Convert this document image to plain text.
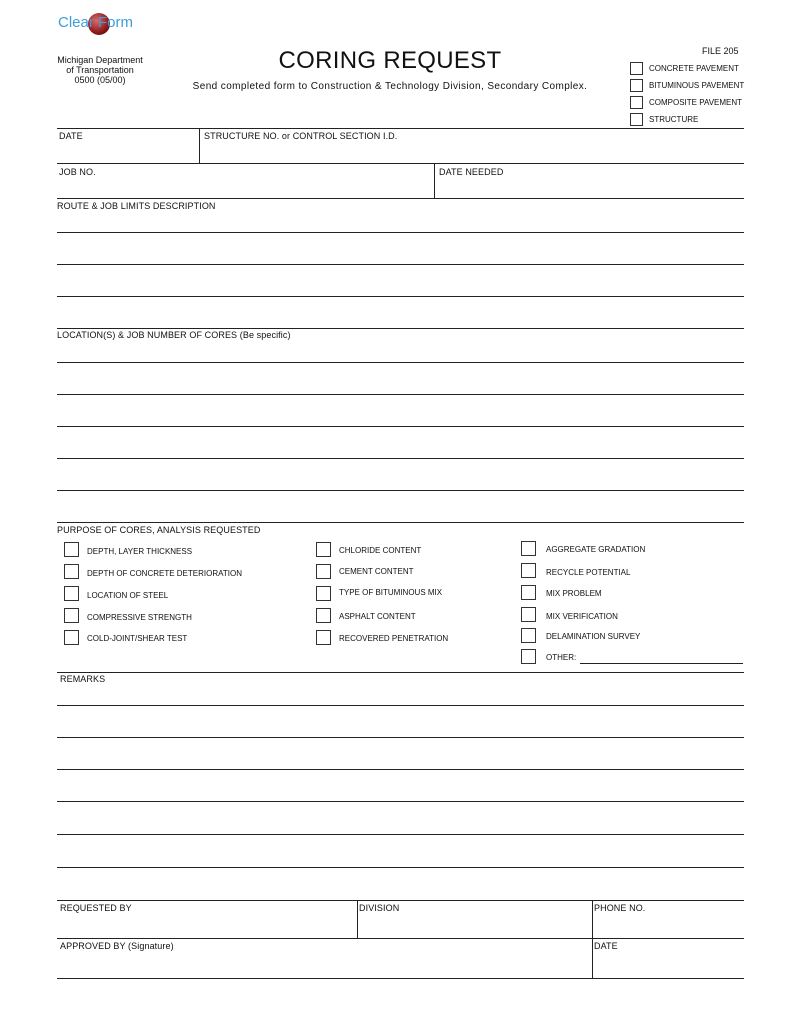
Clear Form
Michigan Department
of Transportation
0500 (05/00)
CORING REQUEST
Send completed form to Construction & Technology Division, Secondary Complex.
FILE 205
CONCRETE PAVEMENT
BITUMINOUS PAVEMENT
COMPOSITE PAVEMENT
STRUCTURE
DATE	STRUCTURE NO. or CONTROL SECTION I.D.
JOB NO.	DATE NEEDED
ROUTE & JOB LIMITS DESCRIPTION
LOCATION(S) & JOB NUMBER OF CORES (Be specific)
PURPOSE OF CORES, ANALYSIS REQUESTED
DEPTH, LAYER THICKNESS
DEPTH OF CONCRETE DETERIORATION
LOCATION OF STEEL
COMPRESSIVE STRENGTH
COLD-JOINT/SHEAR TEST
CHLORIDE CONTENT
CEMENT CONTENT
TYPE OF BITUMINOUS MIX
ASPHALT CONTENT
RECOVERED PENETRATION
AGGREGATE GRADATION
RECYCLE POTENTIAL
MIX PROBLEM
MIX VERIFICATION
DELAMINATION SURVEY
OTHER:
REMARKS
REQUESTED BY	DIVISION	PHONE NO.
APPROVED BY (Signature)	DATE
